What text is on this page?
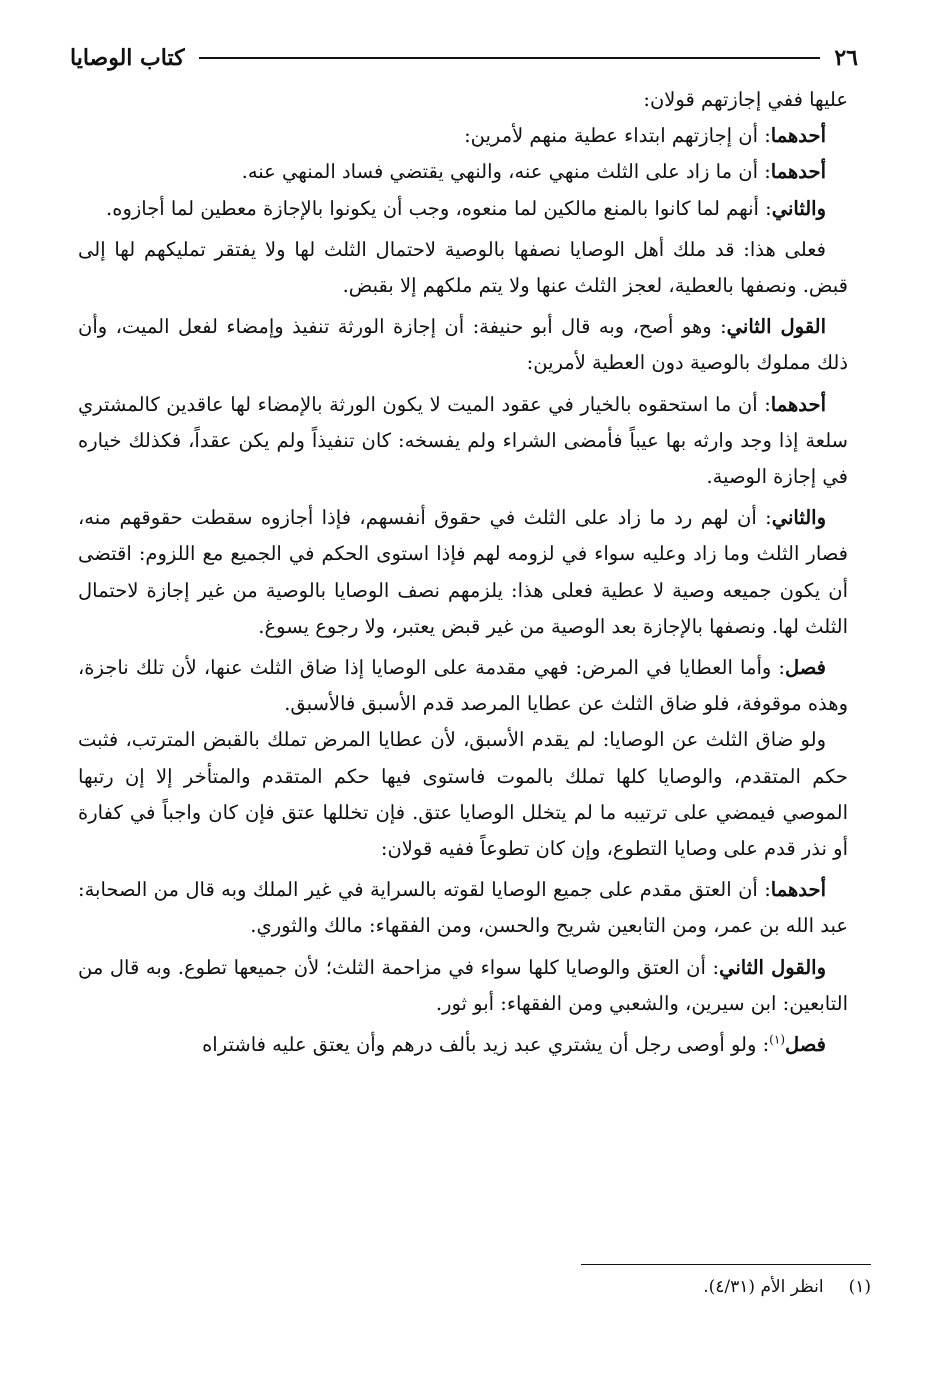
٢٦
كتاب الوصايا

عليها ففي إجازتهم قولان:

أحدهما: أن إجازتهم ابتداء عطية منهم لأمرين:

أحدهما: أن ما زاد على الثلث منهي عنه، والنهي يقتضي فساد المنهي عنه.

والثاني: أنهم لما كانوا بالمنع مالكين لما منعوه، وجب أن يكونوا بالإجازة معطين لما أجازوه.

فعلى هذا: قد ملك أهل الوصايا نصفها بالوصية لاحتمال الثلث لها ولا يفتقر تمليكهم لها إلى قبض. ونصفها بالعطية، لعجز الثلث عنها ولا يتم ملكهم إلا بقبض.

القول الثاني: وهو أصح، وبه قال أبو حنيفة: أن إجازة الورثة تنفيذ وإمضاء لفعل الميت، وأن ذلك مملوك بالوصية دون العطية لأمرين:

أحدهما: أن ما استحقوه بالخيار في عقود الميت لا يكون الورثة بالإمضاء لها عاقدين كالمشتري سلعة إذا وجد وارثه بها عيباً فأمضى الشراء ولم يفسخه: كان تنفيذاً ولم يكن عقداً، فكذلك خياره في إجازة الوصية.

والثاني: أن لهم رد ما زاد على الثلث في حقوق أنفسهم، فإذا أجازوه سقطت حقوقهم منه، فصار الثلث وما زاد وعليه سواء في لزومه لهم فإذا استوى الحكم في الجميع مع اللزوم: اقتضى أن يكون جميعه وصية لا عطية فعلى هذا: يلزمهم نصف الوصايا بالوصية من غير إجازة لاحتمال الثلث لها. ونصفها بالإجازة بعد الوصية من غير قبض يعتبر، ولا رجوع يسوغ.

فصل: وأما العطايا في المرض: فهي مقدمة على الوصايا إذا ضاق الثلث عنها، لأن تلك ناجزة، وهذه موقوفة، فلو ضاق الثلث عن عطايا المرصد قدم الأسبق فالأسبق.

ولو ضاق الثلث عن الوصايا: لم يقدم الأسبق، لأن عطايا المرض تملك بالقبض المترتب، فثبت حكم المتقدم، والوصايا كلها تملك بالموت فاستوى فيها حكم المتقدم والمتأخر إلا إن رتبها الموصي فيمضي على ترتيبه ما لم يتخلل الوصايا عتق. فإن تخللها عتق فإن كان واجباً في كفارة أو نذر قدم على وصايا التطوع، وإن كان تطوعاً ففيه قولان:

أحدهما: أن العتق مقدم على جميع الوصايا لقوته بالسراية في غير الملك وبه قال من الصحابة: عبد الله بن عمر، ومن التابعين شريح والحسن، ومن الفقهاء: مالك والثوري.

والقول الثاني: أن العتق والوصايا كلها سواء في مزاحمة الثلث؛ لأن جميعها تطوع. وبه قال من التابعين: ابن سيرين، والشعبي ومن الفقهاء: أبو ثور.

فصل$^{(١)}$: ولو أوصى رجل أن يشتري عبد زيد بألف درهم وأن يعتق عليه فاشتراه

(١) انظر الأم (٤/٣١).
